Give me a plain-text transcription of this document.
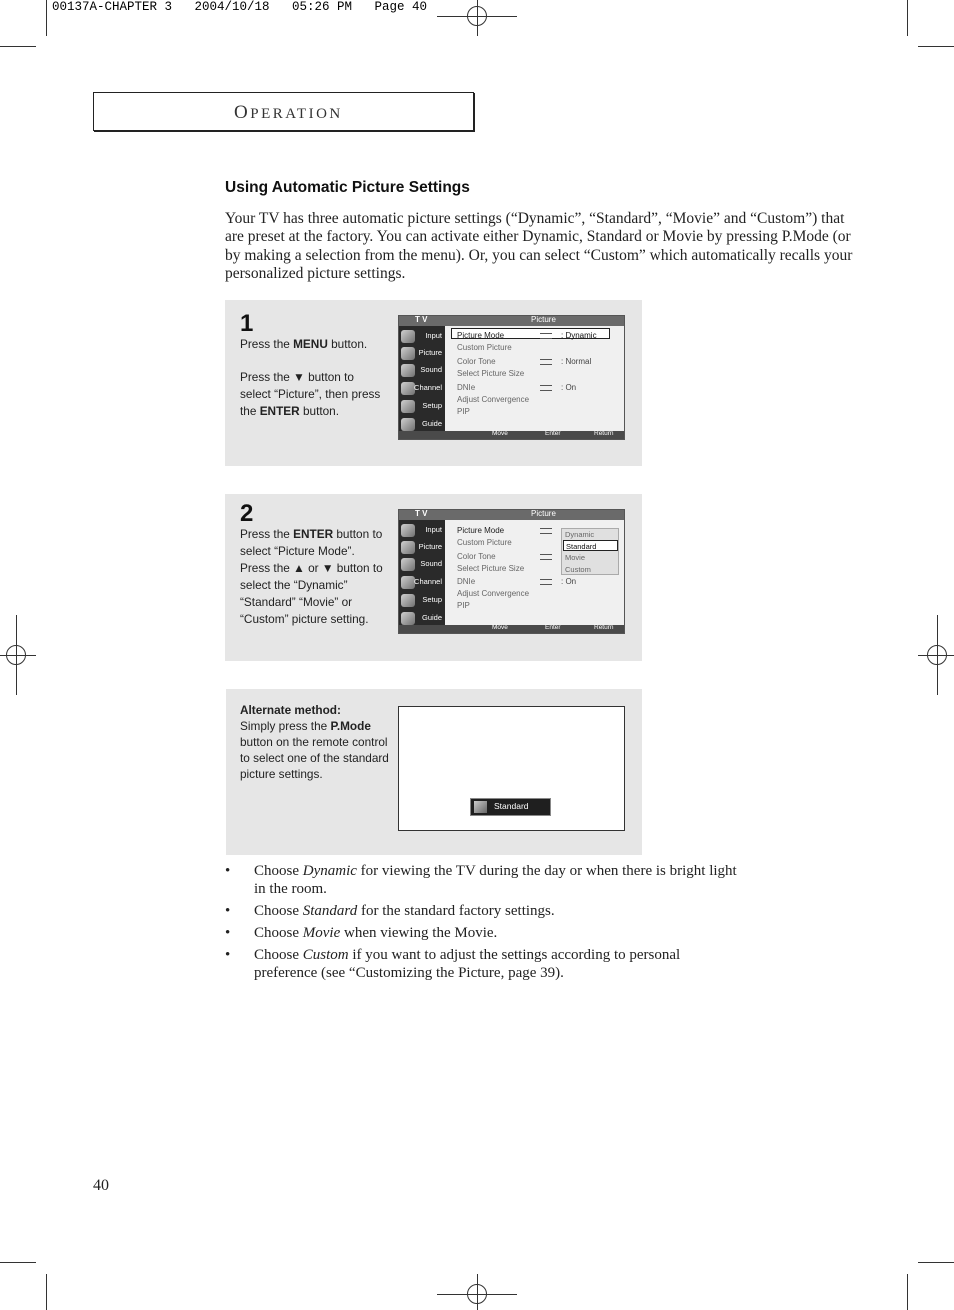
00137A-CHAPTER 3   2004/10/18   05:26 PM   Page 40
OPERATION
Using Automatic Picture Settings
Your TV has three automatic picture settings (“Dynamic”, “Standard”, “Movie” and “Custom”) that are preset at the factory. You can activate either Dynamic, Standard or Movie by pressing P.Mode (or by making a selection from the menu). Or, you can select “Custom” which automatically recalls your personalized picture settings.
1
Press the MENU button.
Press the ▼ button to select “Picture”, then press the ENTER button.
T V	Picture
Input
Picture
Sound
Channel
Setup
Guide
Picture Mode	: Dynamic
Custom Picture
Color Tone	: Normal
Select Picture Size
DNIe	: On
Adjust Convergence
PIP
Move	Enter	Return
2
Press the ENTER button to select “Picture Mode”. Press the ▲ or ▼ button to select the “Dynamic” “Standard” “Movie” or “Custom” picture setting.
T V	Picture
Input
Picture
Sound
Channel
Setup
Guide
Picture Mode
Custom Picture
Color Tone
Select Picture Size
DNIe	: On
Adjust Convergence
PIP
Dynamic
Standard
Movie
Custom
Move	Enter	Return
Alternate method:
Simply press the P.Mode button on the remote control to select one of the standard picture settings.
Standard
• Choose Dynamic for viewing the TV during the day or when there is bright light in the room.
• Choose Standard for the standard factory settings.
• Choose Movie when viewing the Movie.
• Choose Custom if you want to adjust the settings according to personal preference (see “Customizing the Picture, page 39).
40
